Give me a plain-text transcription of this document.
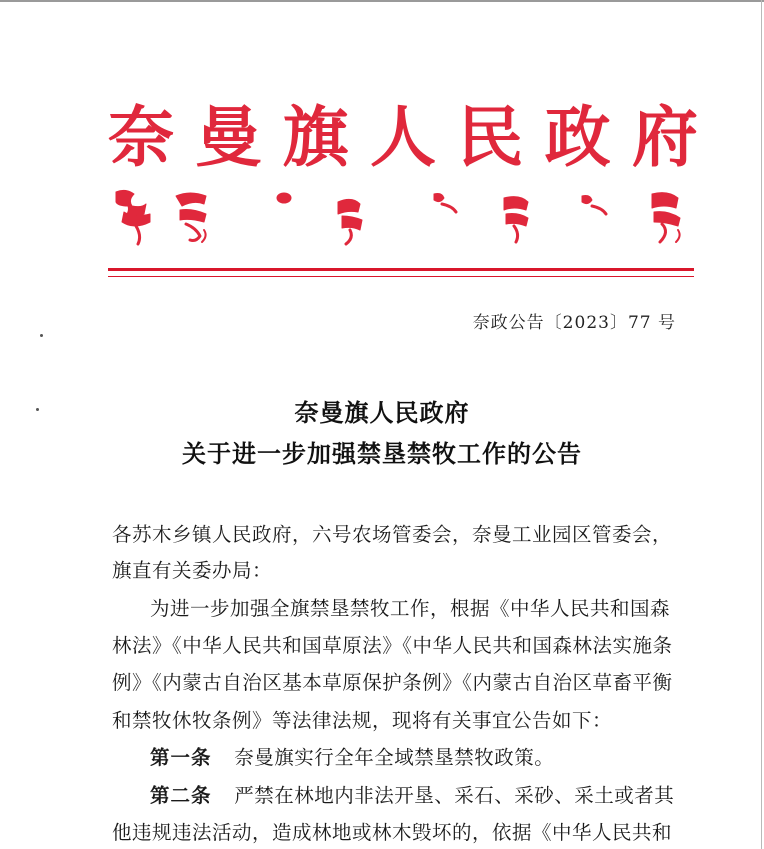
奈 曼 旗 人 民 政 府
奈政公告〔2023〕77 号
奈曼旗人民政府
关于进一步加强禁垦禁牧工作的公告
各苏木乡镇人民政府，六号农场管委会，奈曼工业园区管委会，
旗直有关委办局：
为进一步加强全旗禁垦禁牧工作，根据《中华人民共和国森
林法》《中华人民共和国草原法》《中华人民共和国森林法实施条
例》《内蒙古自治区基本草原保护条例》《内蒙古自治区草畜平衡
和禁牧休牧条例》等法律法规，现将有关事宜公告如下：
第一条 奈曼旗实行全年全域禁垦禁牧政策。
第二条 严禁在林地内非法开垦、采石、采砂、采土或者其
他违规违法活动，造成林地或林木毁坏的，依据《中华人民共和
